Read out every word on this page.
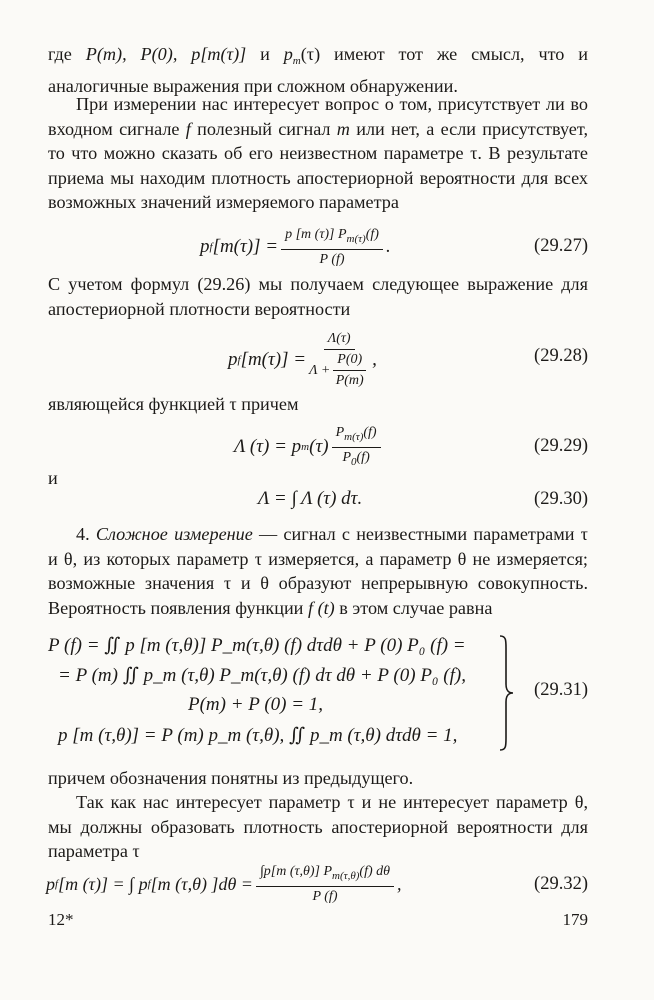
где P(m), P(0), p[m(τ)] и $p_m(\tau)$ имеют тот же смысл, что и аналогичные выражения при сложном обнаружении.

При измерении нас интересует вопрос о том, присутствует ли во входном сигнале f полезный сигнал m или нет, а если присутствует, то что можно сказать об его неизвестном параметре τ. В результате приема мы находим плотность апостериорной вероятности для всех возможных значений измеряемого параметра

p f $[m(\tau)] = \frac{p [m (\tau)] P_{m(\tau)}(f)}{P (f)}$ .	(29.27)

С учетом формул (29.26) мы получаем следующее выражение для апостериорной плотности вероятности

p f $[m(\tau)] = \frac{\Lambda(\tau)}{\Lambda + \frac{P(0)}{P(m)}}$ ,	(29.28)

являющейся функцией τ причем

Λ (τ) = p m $(\tau) \frac{P_{m(\tau)}(f)}{P_0(f)}$	(29.29)

и

Λ = ∫ Λ (τ) dτ.	(29.30)

4. Сложное измерение — сигнал с неизвестными параметрами τ и θ, из которых параметр τ измеряется, а параметр θ не измеряется; возможные значения τ и θ образуют непрерывную совокупность. Вероятность появления функции f (t) в этом случае равна

P (f) = ∬ p [m (τ,θ)] P_m(τ,θ) (f) dτdθ + P (0) P₀ (f) =
= P (m) ∬ p_m (τ,θ) P_m(τ,θ) (f) dτ dθ + P (0) P₀ (f),
P(m) + P (0) = 1,
p [m (τ,θ)] = P (m) p_m (τ,θ), ∬ p_m (τ,θ) dτdθ = 1,
(29.31)

причем обозначения понятны из предыдущего.

Так как нас интересует параметр τ и не интересует параметр θ, мы должны образовать плотность апостериорной вероятности для параметра τ

p f [m (τ)] = ∫ p f [m (τ,θ) ]$d\theta = \frac{\int p[m (\tau,\theta)] P_{m(\tau,\theta)}(f) d\theta}{P (f)}$ ,	(29.32)
12*	179
